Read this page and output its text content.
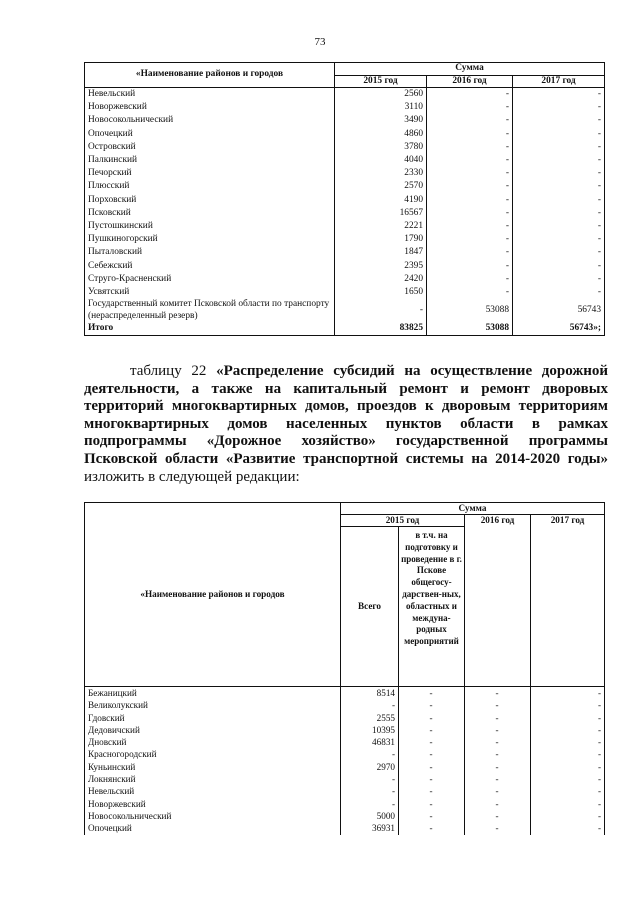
73
«Наименование районов и городов	Сумма		
	2015 год	2016 год	2017 год
Невельский	2560	-	-
Новоржевский	3110	-	-
Новосокольнический	3490	-	-
Опочецкий	4860	-	-
Островский	3780	-	-
Палкинский	4040	-	-
Печорский	2330	-	-
Плюсский	2570	-	-
Порховский	4190	-	-
Псковский	16567	-	-
Пустошкинский	2221	-	-
Пушкиногорский	1790	-	-
Пыталовский	1847	-	-
Себежский	2395	-	-
Струго-Красненский	2420	-	-
Усвятский	1650	-	-
Государственный комитет Псковской области по транспорту (нераспределенный резерв)	-	53088	56743
Итого	83825	53088	56743»;
таблицу 22 «Распределение субсидий на осуществление дорожной деятельности, а также на капитальный ремонт и ремонт дворовых территорий многоквартирных домов, проездов к дворовым территориям многоквартирных домов населенных пунктов области в рамках подпрограммы «Дорожное хозяйство» государственной программы Псковской области «Развитие транспортной системы на 2014-2020 годы» изложить в следующей редакции:
«Наименование районов и городов	Сумма			
	2015 год		2016 год	2017 год
	Всего	в т.ч. на подготовку и проведение в г. Пскове общегосу-дарствен-ных, областных и междуна-родных мероприятий		
Бежаницкий	8514	-	-	-
Великолукский	-	-	-	-
Гдовский	2555	-	-	-
Дедовичский	10395	-	-	-
Дновский	46831	-	-	-
Красногородский	-	-	-	-
Куньинский	2970	-	-	-
Локнянский	-	-	-	-
Невельский	-	-	-	-
Новоржевский	-	-	-	-
Новосокольнический	5000	-	-	-
Опочецкий	36931	-	-	-
